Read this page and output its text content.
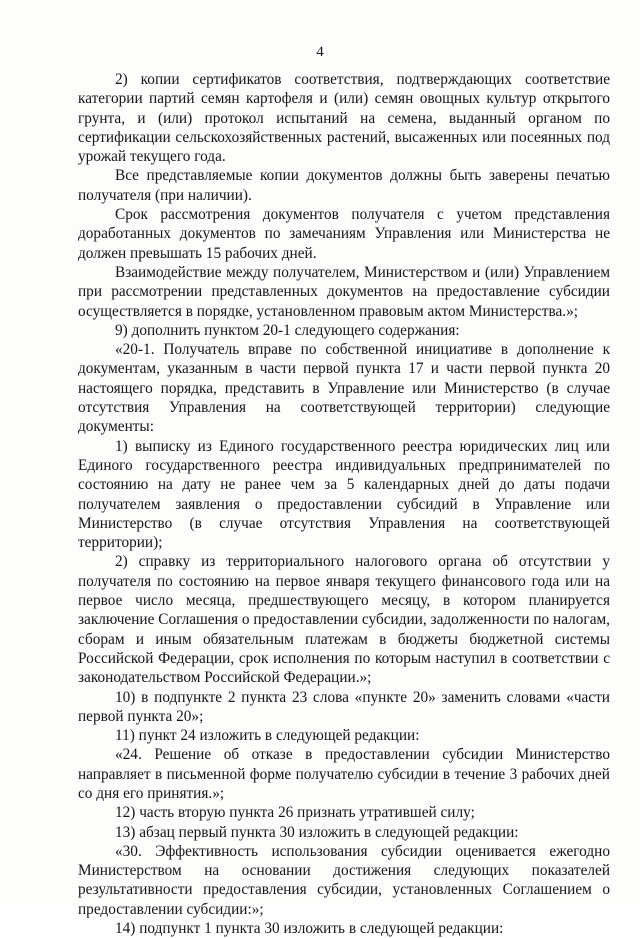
4

2) копии сертификатов соответствия, подтверждающих соответствие категории партий семян картофеля и (или) семян овощных культур открытого грунта, и (или) протокол испытаний на семена, выданный органом по сертификации сельскохозяйственных растений, высаженных или посеянных под урожай текущего года.

Все представляемые копии документов должны быть заверены печатью получателя (при наличии).

Срок рассмотрения документов получателя с учетом представления доработанных документов по замечаниям Управления или Министерства не должен превышать 15 рабочих дней.

Взаимодействие между получателем, Министерством и (или) Управлением при рассмотрении представленных документов на предоставление субсидии осуществляется в порядке, установленном правовым актом Министерства.»;

9) дополнить пунктом 20-1 следующего содержания:

«20-1. Получатель вправе по собственной инициативе в дополнение к документам, указанным в части первой пункта 17 и части первой пункта 20 настоящего порядка, представить в Управление или Министерство (в случае отсутствия Управления на соответствующей территории) следующие документы:

1) выписку из Единого государственного реестра юридических лиц или Единого государственного реестра индивидуальных предпринимателей по состоянию на дату не ранее чем за 5 календарных дней до даты подачи получателем заявления о предоставлении субсидий в Управление или Министерство (в случае отсутствия Управления на соответствующей территории);

2) справку из территориального налогового органа об отсутствии у получателя по состоянию на первое января текущего финансового года или на первое число месяца, предшествующего месяцу, в котором планируется заключение Соглашения о предоставлении субсидии, задолженности по налогам, сборам и иным обязательным платежам в бюджеты бюджетной системы Российской Федерации, срок исполнения по которым наступил в соответствии с законодательством Российской Федерации.»;

10) в подпункте 2 пункта 23 слова «пункте 20» заменить словами «части первой пункта 20»;

11) пункт 24 изложить в следующей редакции:

«24. Решение об отказе в предоставлении субсидии Министерство направляет в письменной форме получателю субсидии в течение 3 рабочих дней со дня его принятия.»;

12) часть вторую пункта 26 признать утратившей силу;

13) абзац первый пункта 30 изложить в следующей редакции:

«30. Эффективность использования субсидии оценивается ежегодно Министерством на основании достижения следующих показателей результативности предоставления субсидии, установленных Соглашением о предоставлении субсидии:»;

14) подпункт 1 пункта 30 изложить в следующей редакции:
